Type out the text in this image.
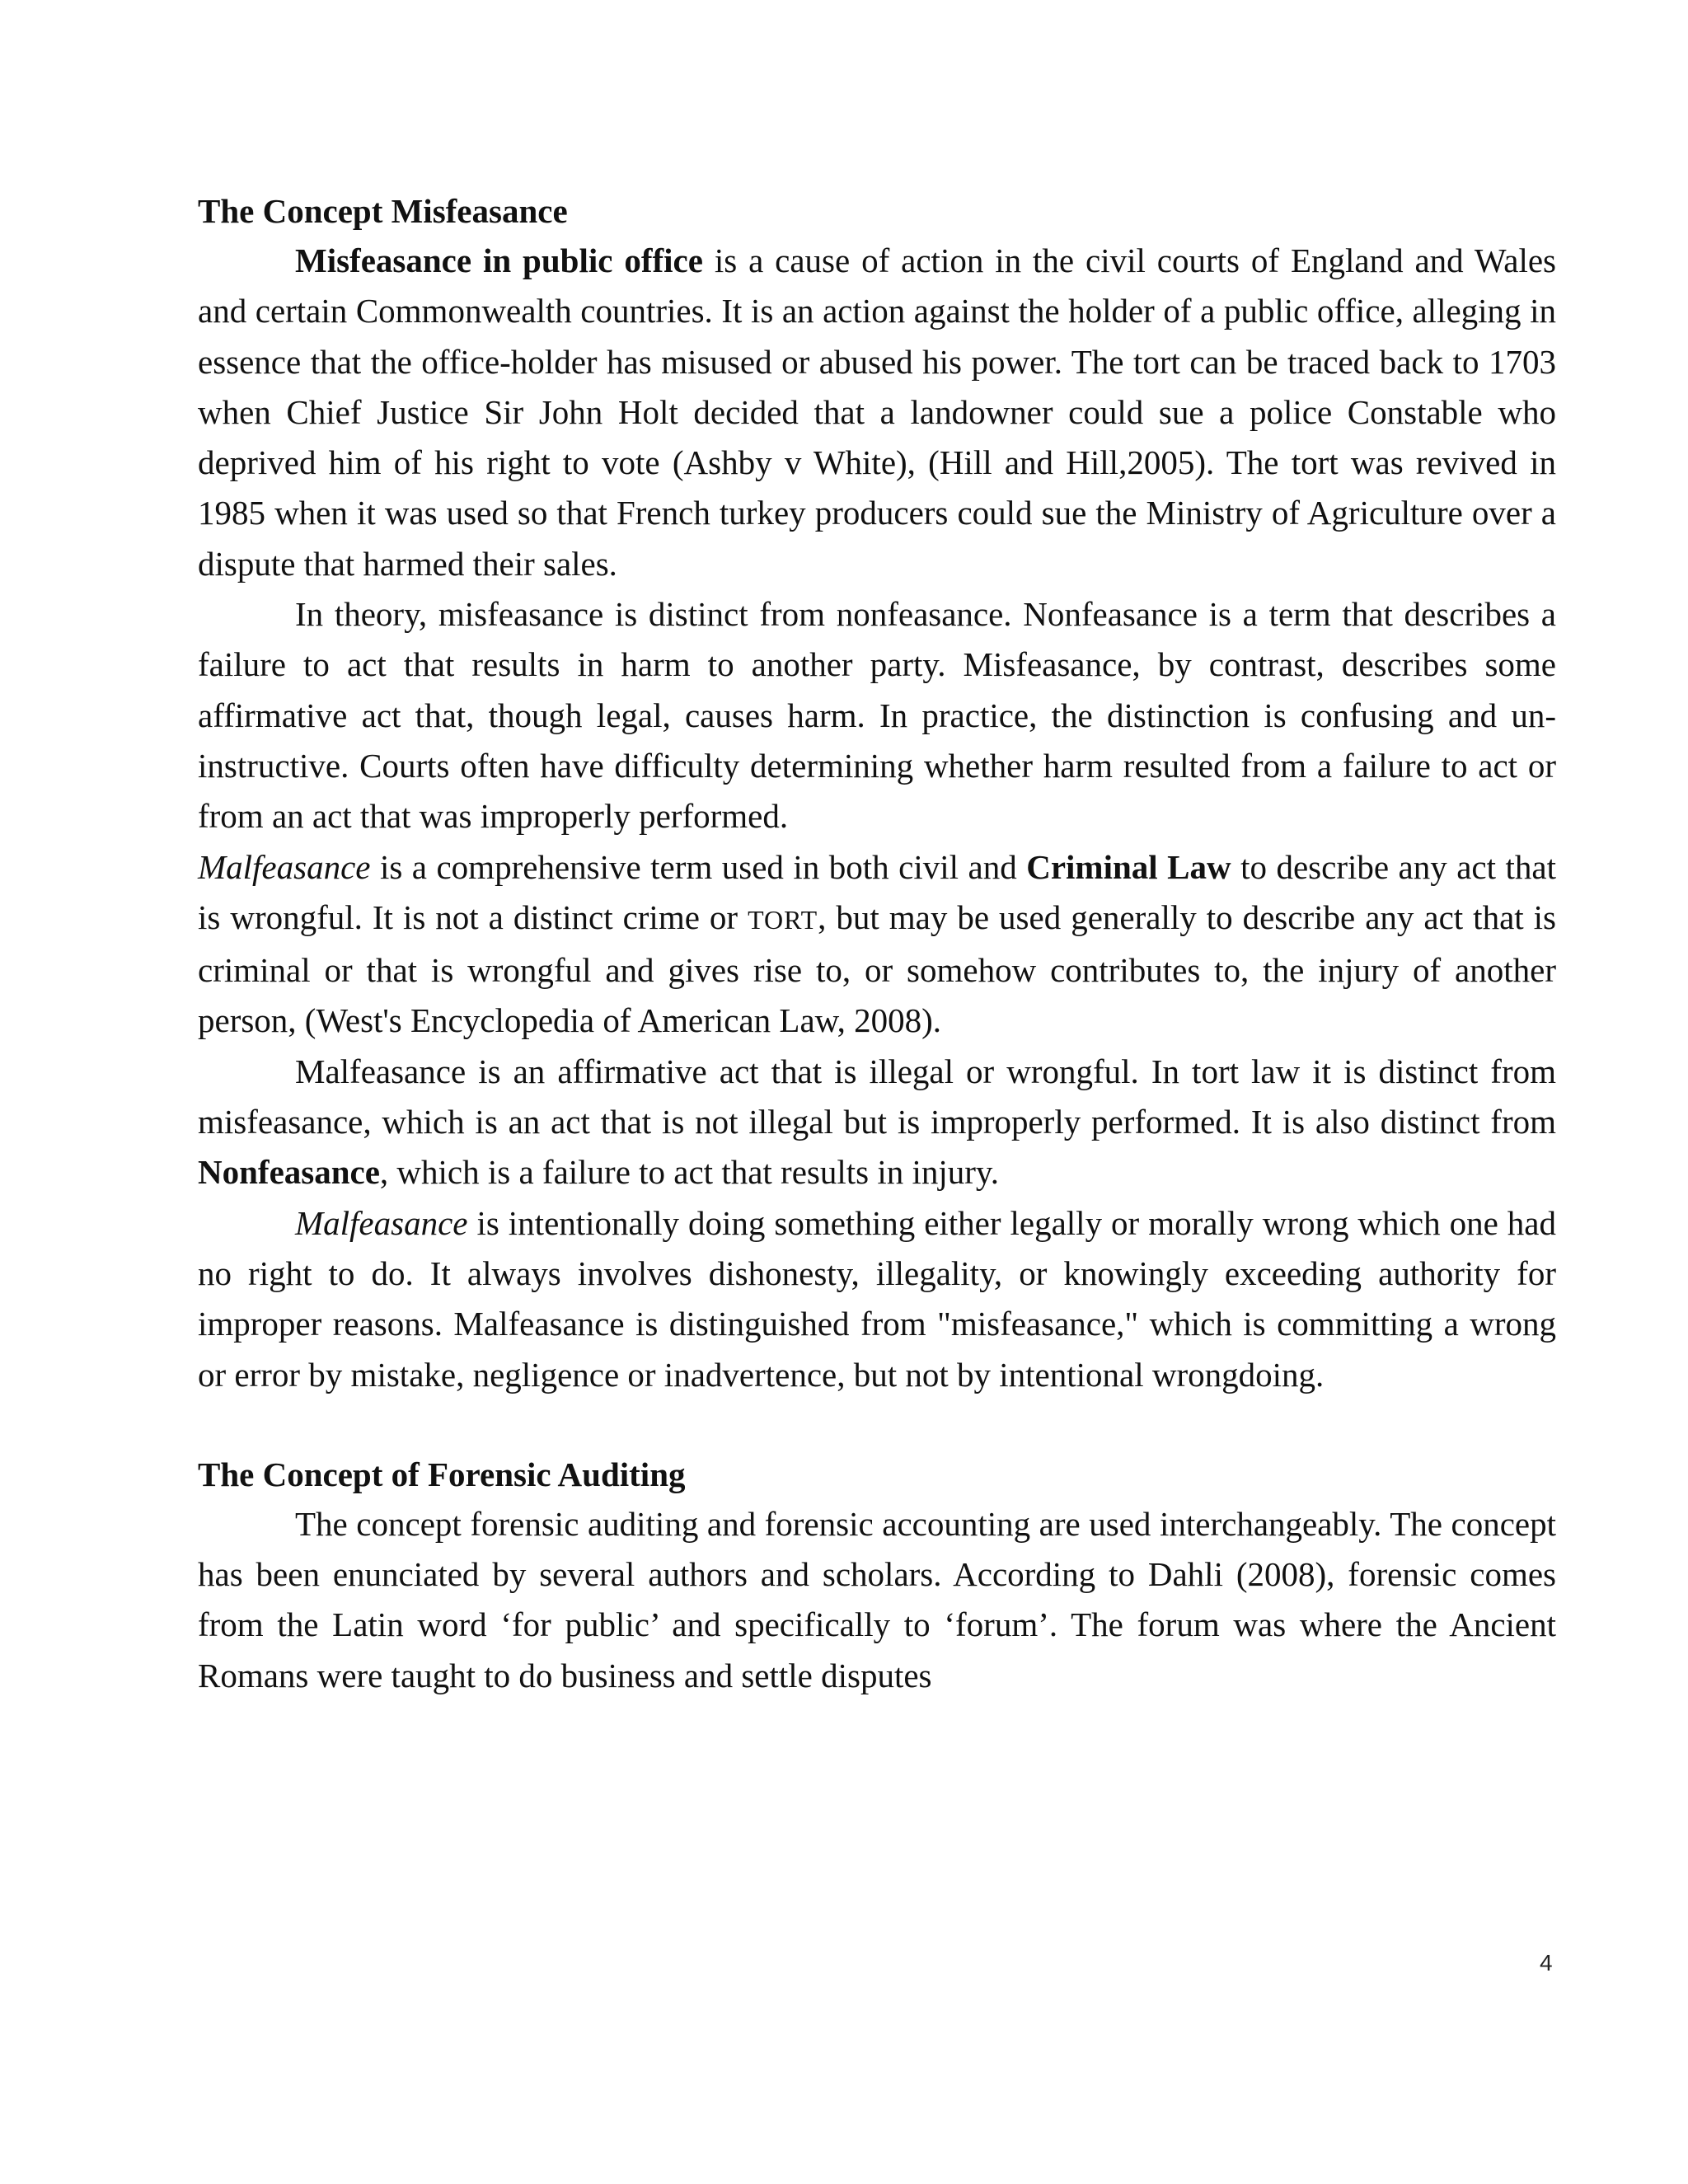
The Concept Misfeasance

Misfeasance in public office is a cause of action in the civil courts of England and Wales and certain Commonwealth countries. It is an action against the holder of a public office, alleging in essence that the office-holder has misused or abused his power. The tort can be traced back to 1703 when Chief Justice Sir John Holt decided that a landowner could sue a police Constable who deprived him of his right to vote (Ashby v White), (Hill and Hill,2005). The tort was revived in 1985 when it was used so that French turkey producers could sue the Ministry of Agriculture over a dispute that harmed their sales.

In theory, misfeasance is distinct from nonfeasance. Nonfeasance is a term that describes a failure to act that results in harm to another party. Misfeasance, by contrast, describes some affirmative act that, though legal, causes harm. In practice, the distinction is confusing and un-instructive. Courts often have difficulty determining whether harm resulted from a failure to act or from an act that was improperly performed.

Malfeasance is a comprehensive term used in both civil and Criminal Law to describe any act that is wrongful. It is not a distinct crime or TORT, but may be used generally to describe any act that is criminal or that is wrongful and gives rise to, or somehow contributes to, the injury of another person, (West's Encyclopedia of American Law, 2008).

Malfeasance is an affirmative act that is illegal or wrongful. In tort law it is distinct from misfeasance, which is an act that is not illegal but is improperly performed. It is also distinct from Nonfeasance, which is a failure to act that results in injury.

Malfeasance is intentionally doing something either legally or morally wrong which one had no right to do. It always involves dishonesty, illegality, or knowingly exceeding authority for improper reasons. Malfeasance is distinguished from "misfeasance," which is committing a wrong or error by mistake, negligence or inadvertence, but not by intentional wrongdoing.

The Concept of Forensic Auditing

The concept forensic auditing and forensic accounting are used interchangeably. The concept has been enunciated by several authors and scholars. According to Dahli (2008), forensic comes from the Latin word ‘for public’ and specifically to ‘forum’. The forum was where the Ancient Romans were taught to do business and settle disputes

4
